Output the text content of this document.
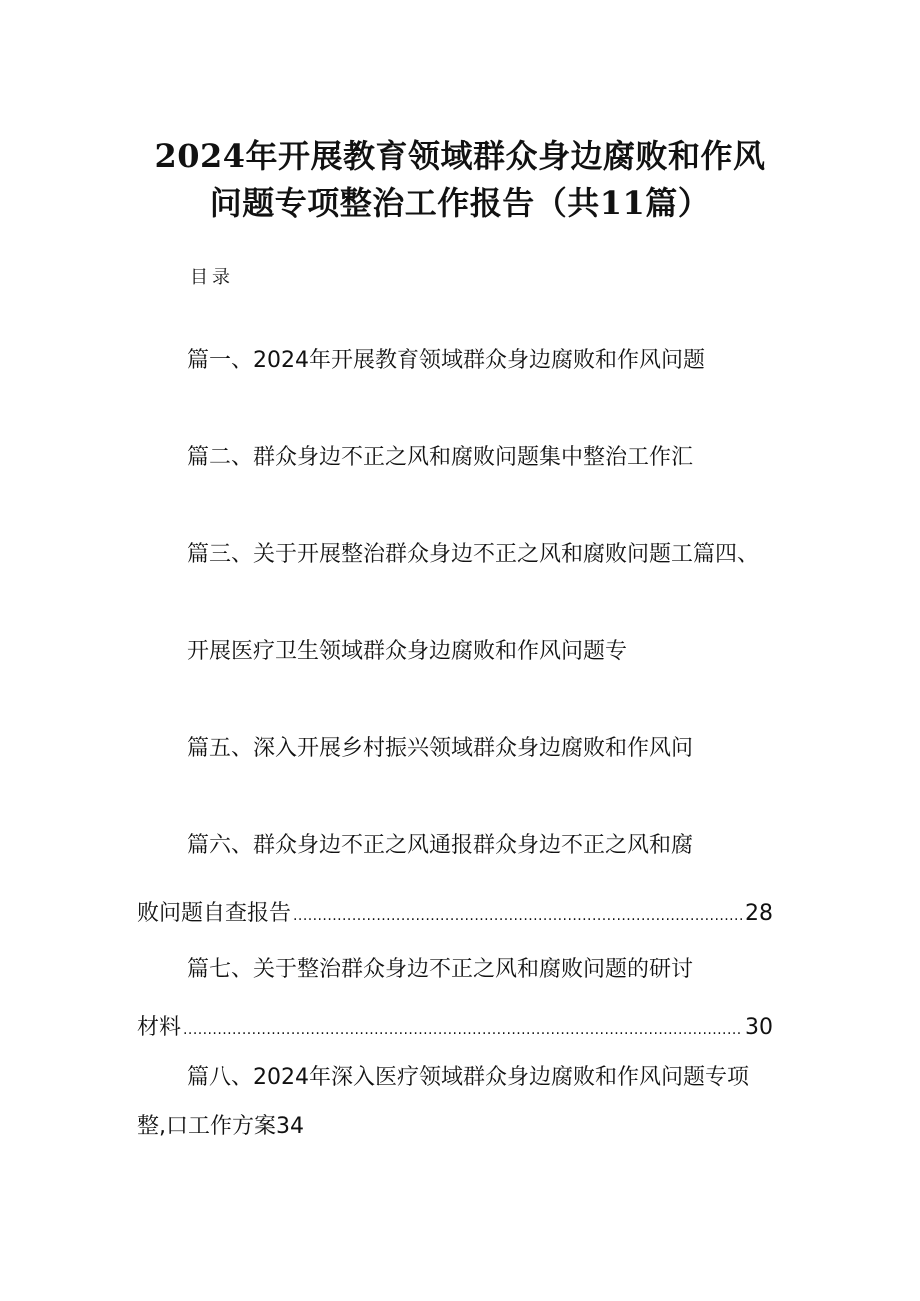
2024年开展教育领域群众身边腐败和作风
问题专项整治工作报告（共11篇）
目录
篇一、2024年开展教育领域群众身边腐败和作风问题
篇二、群众身边不正之风和腐败问题集中整治工作汇
篇三、关于开展整治群众身边不正之风和腐败问题工篇四、
开展医疗卫生领域群众身边腐败和作风问题专
篇五、深入开展乡村振兴领域群众身边腐败和作风问
篇六、群众身边不正之风通报群众身边不正之风和腐
败问题自查报告 . . .	28
篇七、关于整治群众身边不正之风和腐败问题的研讨
材料 . . .	30
篇八、2024年深入医疗领域群众身边腐败和作风问题专项
整,口工作方案34
